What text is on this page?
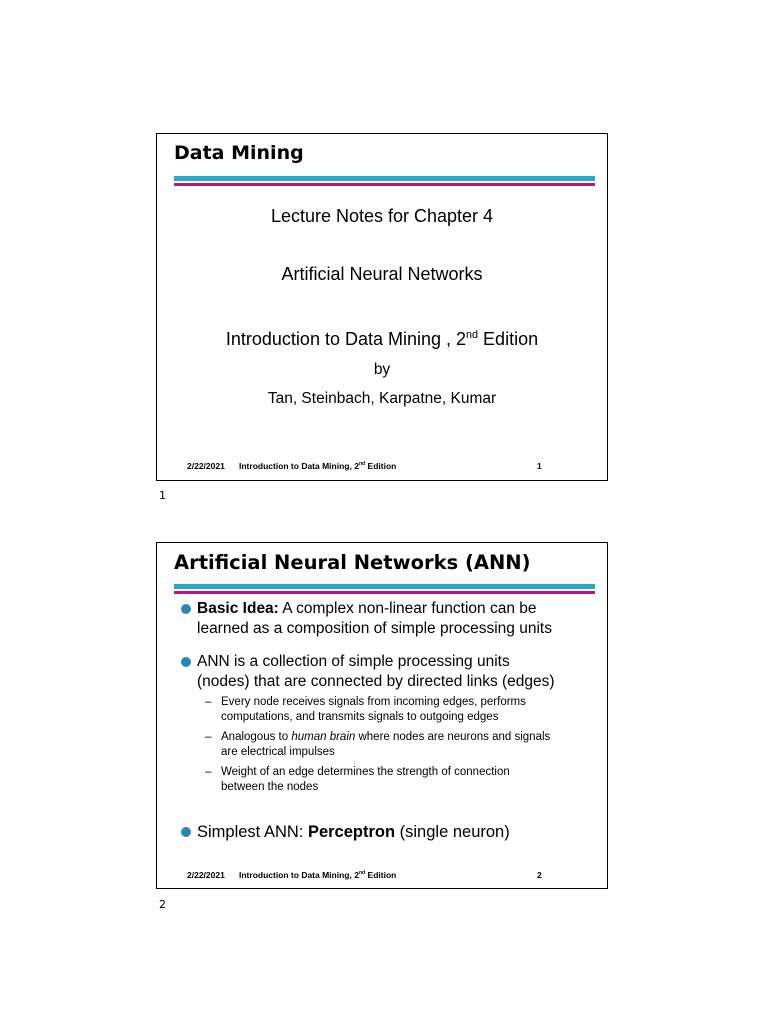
Data Mining
Lecture Notes for Chapter 4
Artificial Neural Networks
Introduction to Data Mining , 2nd Edition
by
Tan, Steinbach, Karpatne, Kumar
2/22/2021 Introduction to Data Mining, 2nd Edition	1
1
Artificial Neural Networks (ANN)
Basic Idea: A complex non-linear function can be
learned as a composition of simple processing units
ANN is a collection of simple processing units
(nodes) that are connected by directed links (edges)
– Every node receives signals from incoming edges, performs
computations, and transmits signals to outgoing edges
– Analogous to human brain where nodes are neurons and signals
are electrical impulses
– Weight of an edge determines the strength of connection
between the nodes
Simplest ANN: Perceptron (single neuron)
2/22/2021 Introduction to Data Mining, 2nd Edition	2
2
